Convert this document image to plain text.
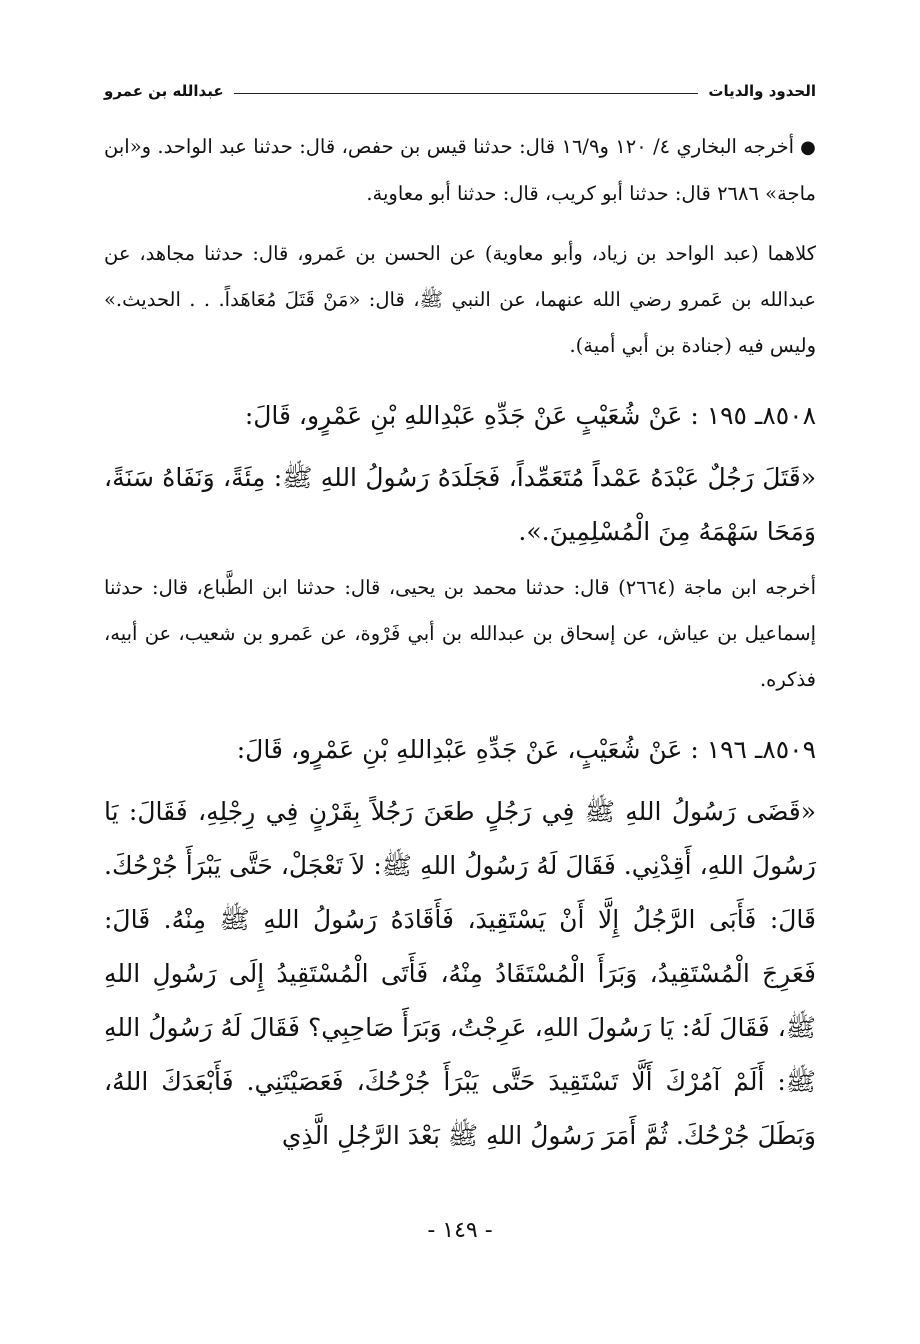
الحدود والديات
عبدالله بن عمرو
●أخرجه البخاري ٤/ ١٢٠ و١٦/٩ قال: حدثنا قيس بن حفص، قال: حدثنا عبد الواحد. و«ابن ماجة» ٢٦٨٦ قال: حدثنا أبو كريب، قال: حدثنا أبو معاوية.
كلاهما (عبد الواحد بن زياد، وأبو معاوية) عن الحسن بن عَمرو، قال: حدثنا مجاهد، عن عبدالله بن عَمرو رضي الله عنهما، عن النبي ﷺ، قال: «مَنْ قَتَلَ مُعَاهَداً. . . الحديث.» وليس فيه (جنادة بن أبي أمية).
٨٥٠٨ـ ١٩٥ : عَنْ شُعَيْبٍ عَنْ جَدِّهِ عَبْدِاللهِ بْنِ عَمْرٍو، قَالَ:
«قَتَلَ رَجُلٌ عَبْدَهُ عَمْداً مُتَعَمِّداً، فَجَلَدَهُ رَسُولُ اللهِ ﷺ: مِئَةً، وَنَفَاهُ سَنَةً، وَمَحَا سَهْمَهُ مِنَ الْمُسْلِمِينَ.».
أخرجه ابن ماجة (٢٦٦٤) قال: حدثنا محمد بن يحيى، قال: حدثنا ابن الطَّباع، قال: حدثنا إسماعيل بن عياش، عن إسحاق بن عبدالله بن أبي فَرْوة، عن عَمرو بن شعيب، عن أبيه، فذكره.
٨٥٠٩ـ ١٩٦ : عَنْ شُعَيْبٍ، عَنْ جَدِّهِ عَبْدِاللهِ بْنِ عَمْرٍو، قَالَ:
«قَضَى رَسُولُ اللهِ ﷺ فِي رَجُلٍ طعَنَ رَجُلاً بِقَرْنٍ فِي رِجْلِهِ، فَقَالَ: يَا رَسُولَ اللهِ، أَقِدْنِي. فَقَالَ لَهُ رَسُولُ اللهِ ﷺ: لاَ تَعْجَلْ، حَتَّى يَبْرَأَ جُرْحُكَ. قَالَ: فَأَبَى الرَّجُلُ إِلَّا أَنْ يَسْتَقِيدَ، فَأَقَادَهُ رَسُولُ اللهِ ﷺ مِنْهُ. قَالَ: فَعَرِجَ الْمُسْتَقِيدُ، وَبَرَأَ الْمُسْتَقَادُ مِنْهُ، فَأَتَى الْمُسْتَقِيدُ إِلَى رَسُولِ اللهِ ﷺ، فَقَالَ لَهُ: يَا رَسُولَ اللهِ، عَرِجْتُ، وَبَرَأَ صَاحِبِي؟ فَقَالَ لَهُ رَسُولُ اللهِ ﷺ: أَلَمْ آمُرْكَ أَلَّا تَسْتَقِيدَ حَتَّى يَبْرَأَ جُرْحُكَ، فَعَصَيْتَنِي. فَأَبْعَدَكَ اللهُ، وَبَطَلَ جُرْحُكَ. ثُمَّ أَمَرَ رَسُولُ اللهِ ﷺ بَعْدَ الرَّجُلِ الَّذِي
- ١٤٩ -
